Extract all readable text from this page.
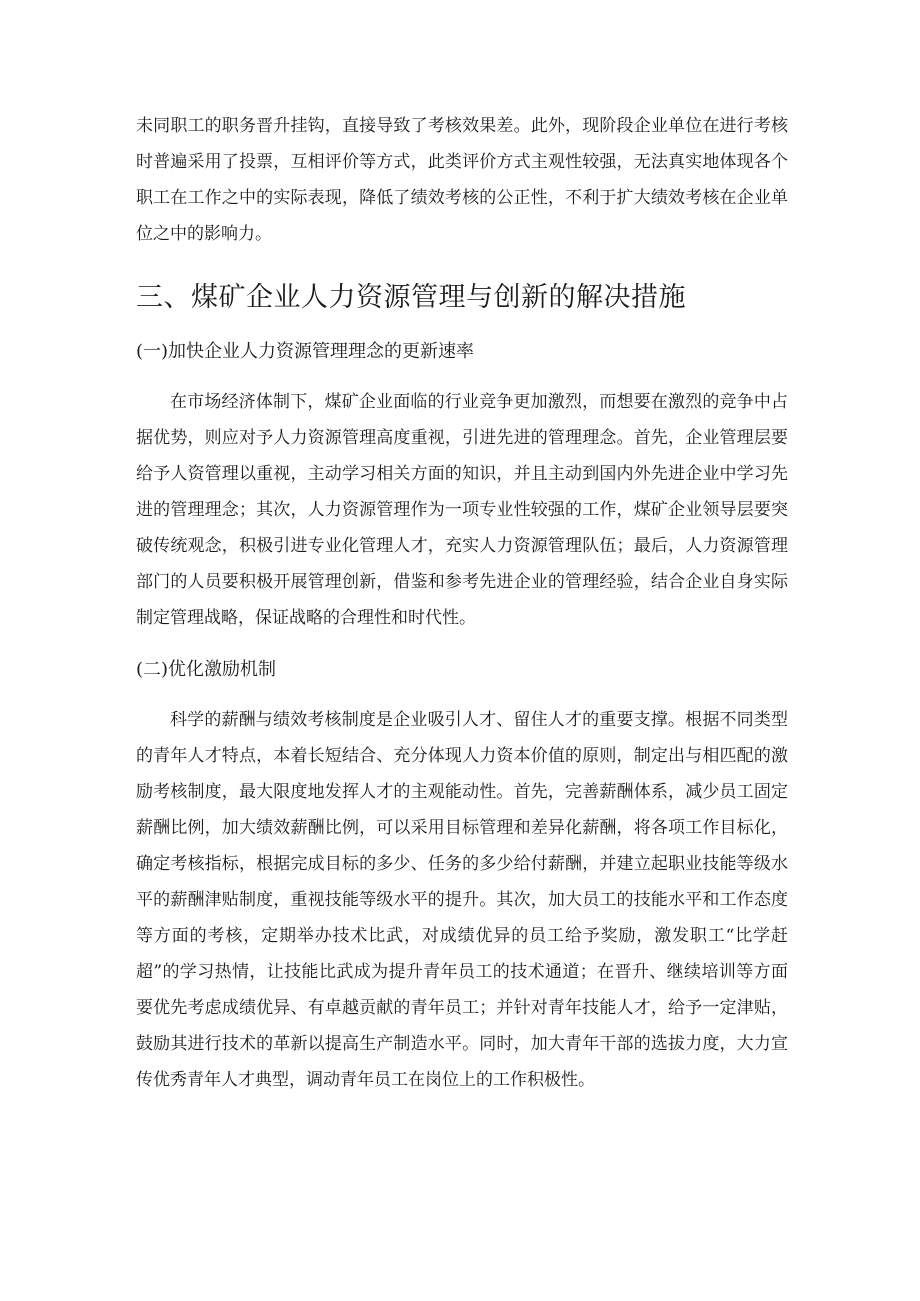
未同职工的职务晋升挂钩，直接导致了考核效果差。此外，现阶段企业单位在进行考核时普遍采用了投票，互相评价等方式，此类评价方式主观性较强，无法真实地体现各个职工在工作之中的实际表现，降低了绩效考核的公正性，不利于扩大绩效考核在企业单位之中的影响力。

三、煤矿企业人力资源管理与创新的解决措施
(一)加快企业人力资源管理理念的更新速率

在市场经济体制下，煤矿企业面临的行业竞争更加激烈，而想要在激烈的竞争中占据优势，则应对予人力资源管理高度重视，引进先进的管理理念。首先，企业管理层要给予人资管理以重视，主动学习相关方面的知识，并且主动到国内外先进企业中学习先进的管理理念；其次，人力资源管理作为一项专业性较强的工作，煤矿企业领导层要突破传统观念，积极引进专业化管理人才，充实人力资源管理队伍；最后，人力资源管理部门的人员要积极开展管理创新，借鉴和参考先进企业的管理经验，结合企业自身实际制定管理战略，保证战略的合理性和时代性。

(二)优化激励机制

科学的薪酬与绩效考核制度是企业吸引人才、留住人才的重要支撑。根据不同类型的青年人才特点，本着长短结合、充分体现人力资本价值的原则，制定出与相匹配的激励考核制度，最大限度地发挥人才的主观能动性。首先，完善薪酬体系，减少员工固定薪酬比例，加大绩效薪酬比例，可以采用目标管理和差异化薪酬，将各项工作目标化，确定考核指标，根据完成目标的多少、任务的多少给付薪酬，并建立起职业技能等级水平的薪酬津贴制度，重视技能等级水平的提升。其次，加大员工的技能水平和工作态度等方面的考核，定期举办技术比武，对成绩优异的员工给予奖励，激发职工“比学赶超”的学习热情，让技能比武成为提升青年员工的技术通道；在晋升、继续培训等方面要优先考虑成绩优异、有卓越贡献的青年员工；并针对青年技能人才，给予一定津贴，鼓励其进行技术的革新以提高生产制造水平。同时，加大青年干部的选拔力度，大力宣传优秀青年人才典型，调动青年员工在岗位上的工作积极性。
